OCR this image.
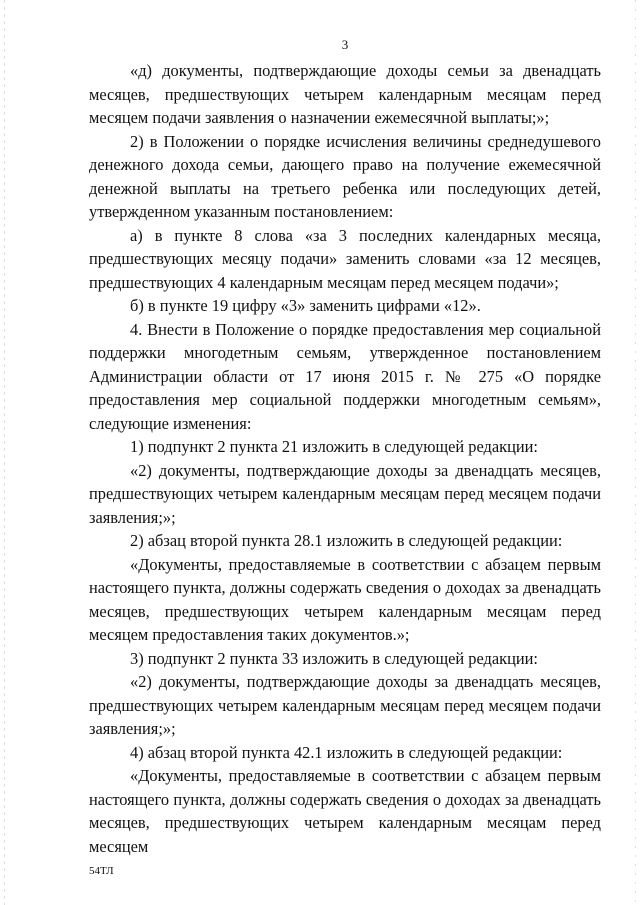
3

«д) документы, подтверждающие доходы семьи за двенадцать месяцев, предшествующих четырем календарным месяцам перед месяцем подачи заявления о назначении ежемесячной выплаты;»;

2) в Положении о порядке исчисления величины среднедушевого денежного дохода семьи, дающего право на получение ежемесячной денежной выплаты на третьего ребенка или последующих детей, утвержденном указанным постановлением:

а) в пункте 8 слова «за 3 последних календарных месяца, предшествующих месяцу подачи» заменить словами «за 12 месяцев, предшествующих 4 календарным месяцам перед месяцем подачи»;

б) в пункте 19 цифру «3» заменить цифрами «12».

4. Внести в Положение о порядке предоставления мер социальной поддержки многодетным семьям, утвержденное постановлением Администрации области от 17 июня 2015 г. № 275 «О порядке предоставления мер социальной поддержки многодетным семьям», следующие изменения:

1) подпункт 2 пункта 21 изложить в следующей редакции:

«2) документы, подтверждающие доходы за двенадцать месяцев, предшествующих четырем календарным месяцам перед месяцем подачи заявления;»;

2) абзац второй пункта 28.1 изложить в следующей редакции:

«Документы, предоставляемые в соответствии с абзацем первым настоящего пункта, должны содержать сведения о доходах за двенадцать месяцев, предшествующих четырем календарным месяцам перед месяцем предоставления таких документов.»;

3) подпункт 2 пункта 33 изложить в следующей редакции:

«2) документы, подтверждающие доходы за двенадцать месяцев, предшествующих четырем календарным месяцам перед месяцем подачи заявления;»;

4) абзац второй пункта 42.1 изложить в следующей редакции:

«Документы, предоставляемые в соответствии с абзацем первым настоящего пункта, должны содержать сведения о доходах за двенадцать месяцев, предшествующих четырем календарным месяцам перед месяцем

54ТЛ
